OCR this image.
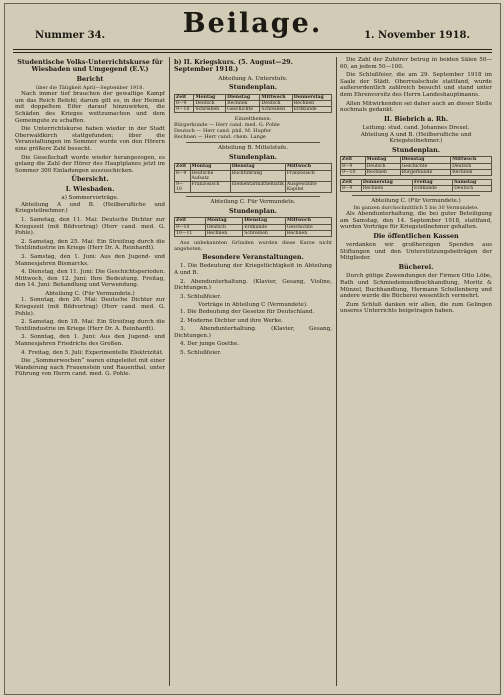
Nummer 34.	Beilage.	1. November 1918.
Studentische Volks-Unterrichtskurse für Wiesbaden und Umgegend (E.V.)
Bericht
über die Tätigkeit April—September 1918.

Nach immer tief brauchen der gewaltige Kampf um das Reich Befehl; darum gilt es, in der Heimat mit doppeltem Eifer darauf hinzuwirken, die Schäden des Krieges wettzumachen und dem Gemeingute zu schaffen.

Die Unterrichtskurse haben wieder in der Stadt Oberwaldkirch stattgefunden; über die Veranstaltungen im Sommer wurde von den Hörern eine größere Zahl besucht.

Die Gesellschaft wurde wieder herangezogen, es gelang die Zahl der Hörer des Hauptplanes jetzt im Sommer 300 Einladungen auszuschicken.

Übersicht.
I. Wiesbaden.
a) Sommervorträge.

Abteilung A und B. (Heilberufliche und Kriegsteilnehmer.)

1. Samstag, den 11. Mai: Deutsche Dichter zur Kriegszeit (mit Bildvortrag) (Herr cand. med. G. Pohle).

2. Samstag, den 25. Mai: Ein Streifzug durch die Textilindustrie im Kriege (Herr Dr. A. Reinhardt).

3. Samstag, den 1. Juni: Aus den Jugend- und Mannesjahren Bismarcks.

4. Dienstag, den 11. Juni: Die Geschichtsperioden. Mittwoch, den 12. Juni: Ihre Bedeutung. Freitag, den 14. Juni: Behandlung und Verwendung.

Abteilung C. (Für Vermundete.)

1. Sonntag, den 26. Mai: Deutsche Dichter zur Kriegszeit (mit Bildvortrag) (Herr cand. med. G. Pohle).

2. Samstag, den 18. Mai: Ein Streifzug durch die Textilindustrie im Kriege (Herr Dr. A. Reinhardt).

3. Sonntag, den 1. Juni: Aus den Jugend- und Mannesjahren Friedrichs des Großen.

4. Freitag, den 5. Juli: Experimentelle Elektrizität.

Die „Sommerwochen“ waren eingeleitet mit einer Wanderung nach Frauenstein und Rauenthal, unter Führung von Herrn cand. med. G. Pohle.

b) II. Kriegskurs. (5. August—29. September 1918.)
Abteilung A. Unterstufe.
Stundenplan.
Zeit	Montag	Dienstag	Mittwoch	Donnerstag
8—9	Deutsch	Rechnen	Deutsch	Rechnen
9—10	Schreiben	Geschichte	Schreiben	Erdkunde
Einzelthemen:
Bürgerkunde — Herr cand. med. G. Pohle
Deutsch — Herr cand. phil. M. Hupfer
Rechnen — Herr cand. chem. Lange
Abteilung B. Mittelstufe.
Stundenplan.
Zeit	Montag	Dienstag	Mittwoch
8—9	Deutsche Aufsatz	Buchführung	Französisch
9—10	Französisch	Elementarmathematik	Ausgewählte Kapitel
Abteilung C. Für Vermundete.
Stundenplan.
Zeit	Montag	Dienstag	Mittwoch
9—10	Deutsch	Erdkunde	Geschichte
10—11	Rechnen	Schreiben	Rechnen

Aus unbekannten Gründen wurden diese Kurse nicht angeboten.

Besondere Veranstaltungen.

1. Die Bedeutung der Kriegstüchtigkeit in Abteilung A und B.

2. Abendunterhaltung. (Klavier, Gesang, Violine, Dichtungen.)

3. Schlußfeier.

Vorträge in Abteilung C (Vermundete).

1. Die Bedeutung der Gesetze für Deutschland.

2. Moderne Dichter und ihre Werke.

3. Abendunterhaltung. (Klavier, Gesang, Dichtungen.)

4. Der junge Goethe.

5. Schlußfeier.

Die Zahl der Zuhörer betrug in beiden Sälen 50—60, an jedem 50—100.

Die Schlußfeier, die am 29. September 1918 im Saale der Städt. Oberrealschule stattfand, wurde außerordentlich zahlreich besucht und stand unter dem Ehrenvorsitz des Herrn Landeshauptmanns.

Allen Mitwirkenden sei daher auch an dieser Stelle nochmals gedankt.

II. Biebrich a. Rh.
Leitung: stud. cand. Johannes Drexel.
Abteilung A und B. (Heilberufliche und Kriegsteilnehmer.)
Stundenplan.
Zeit	Montag	Dienstag	Mittwoch
8—9	Deutsch	Geschichte	Deutsch
9—10	Rechnen	Bürgerkunde	Rechnen
Zeit	Donnerstag	Freitag	Samstag
8—9	Rechnen	Erdkunde	Deutsch
Abteilung C. (Für Vermundete.)
Im ganzen durchschnittlich 5 bis 30 Vermundete.

Als Abendunterhaltung, die bei guter Beteiligung am Samstag, den 14. September 1918, stattfand, wurden Vorträge für Kriegsteilnehmer gehalten.

Die öffentlichen Kassen

verdanken wir großherzigen Spenden aus Stiftungen und den Unterstützungsbeiträgen der Mitglieder.

Bücherei.

Durch gütige Zuwendungen der Firmen Otto Löbe, Rath und Schmiedemundbuchhandlung, Moritz & Münzel, Buchhandlung, Hermann Schellenberg und andere wurde die Bücherei wesentlich vermehrt.

Zum Schluß danken wir allen, die zum Gelingen unseres Unterrichts beigetragen haben.
